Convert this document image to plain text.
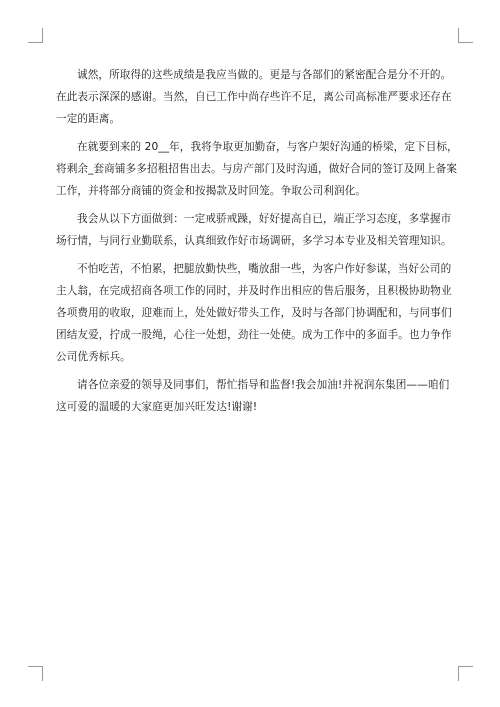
诚然，所取得的这些成绩是我应当做的。更是与各部们的紧密配合是分不开的。
在此表示深深的感谢。当然，自已工作中尚存些许不足，离公司高标准严要求还存在
一定的距离。
在就要到来的 20__年，我将争取更加勤奋，与客户架好沟通的桥梁，定下目标，
将剩余_套商铺多多招租招售出去。与房产部门及时沟通，做好合同的签订及网上备案
工作，并将部分商铺的资金和按揭款及时回笼。争取公司利润化。
我会从以下方面做到：一定戒骄戒躁，好好提高自已，端正学习态度，多掌握市
场行情，与同行业勤联系，认真细致作好市场调研，多学习本专业及相关管理知识。
不怕吃苦，不怕累，把腿放勤快些，嘴放甜一些，为客户作好参谋，当好公司的
主人翁，在完成招商各项工作的同时，并及时作出相应的售后服务，且积极协助物业
各项费用的收取，迎难而上，处处做好带头工作，及时与各部门协调配和，与同事们
团结友爱，拧成一股绳，心往一处想，劲往一处使。成为工作中的多面手。也力争作
公司优秀标兵。
请各位亲爱的领导及同事们，帮忙指导和监督!我会加油!并祝润东集团——咱们
这可爱的温暖的大家庭更加兴旺发达!谢谢!
